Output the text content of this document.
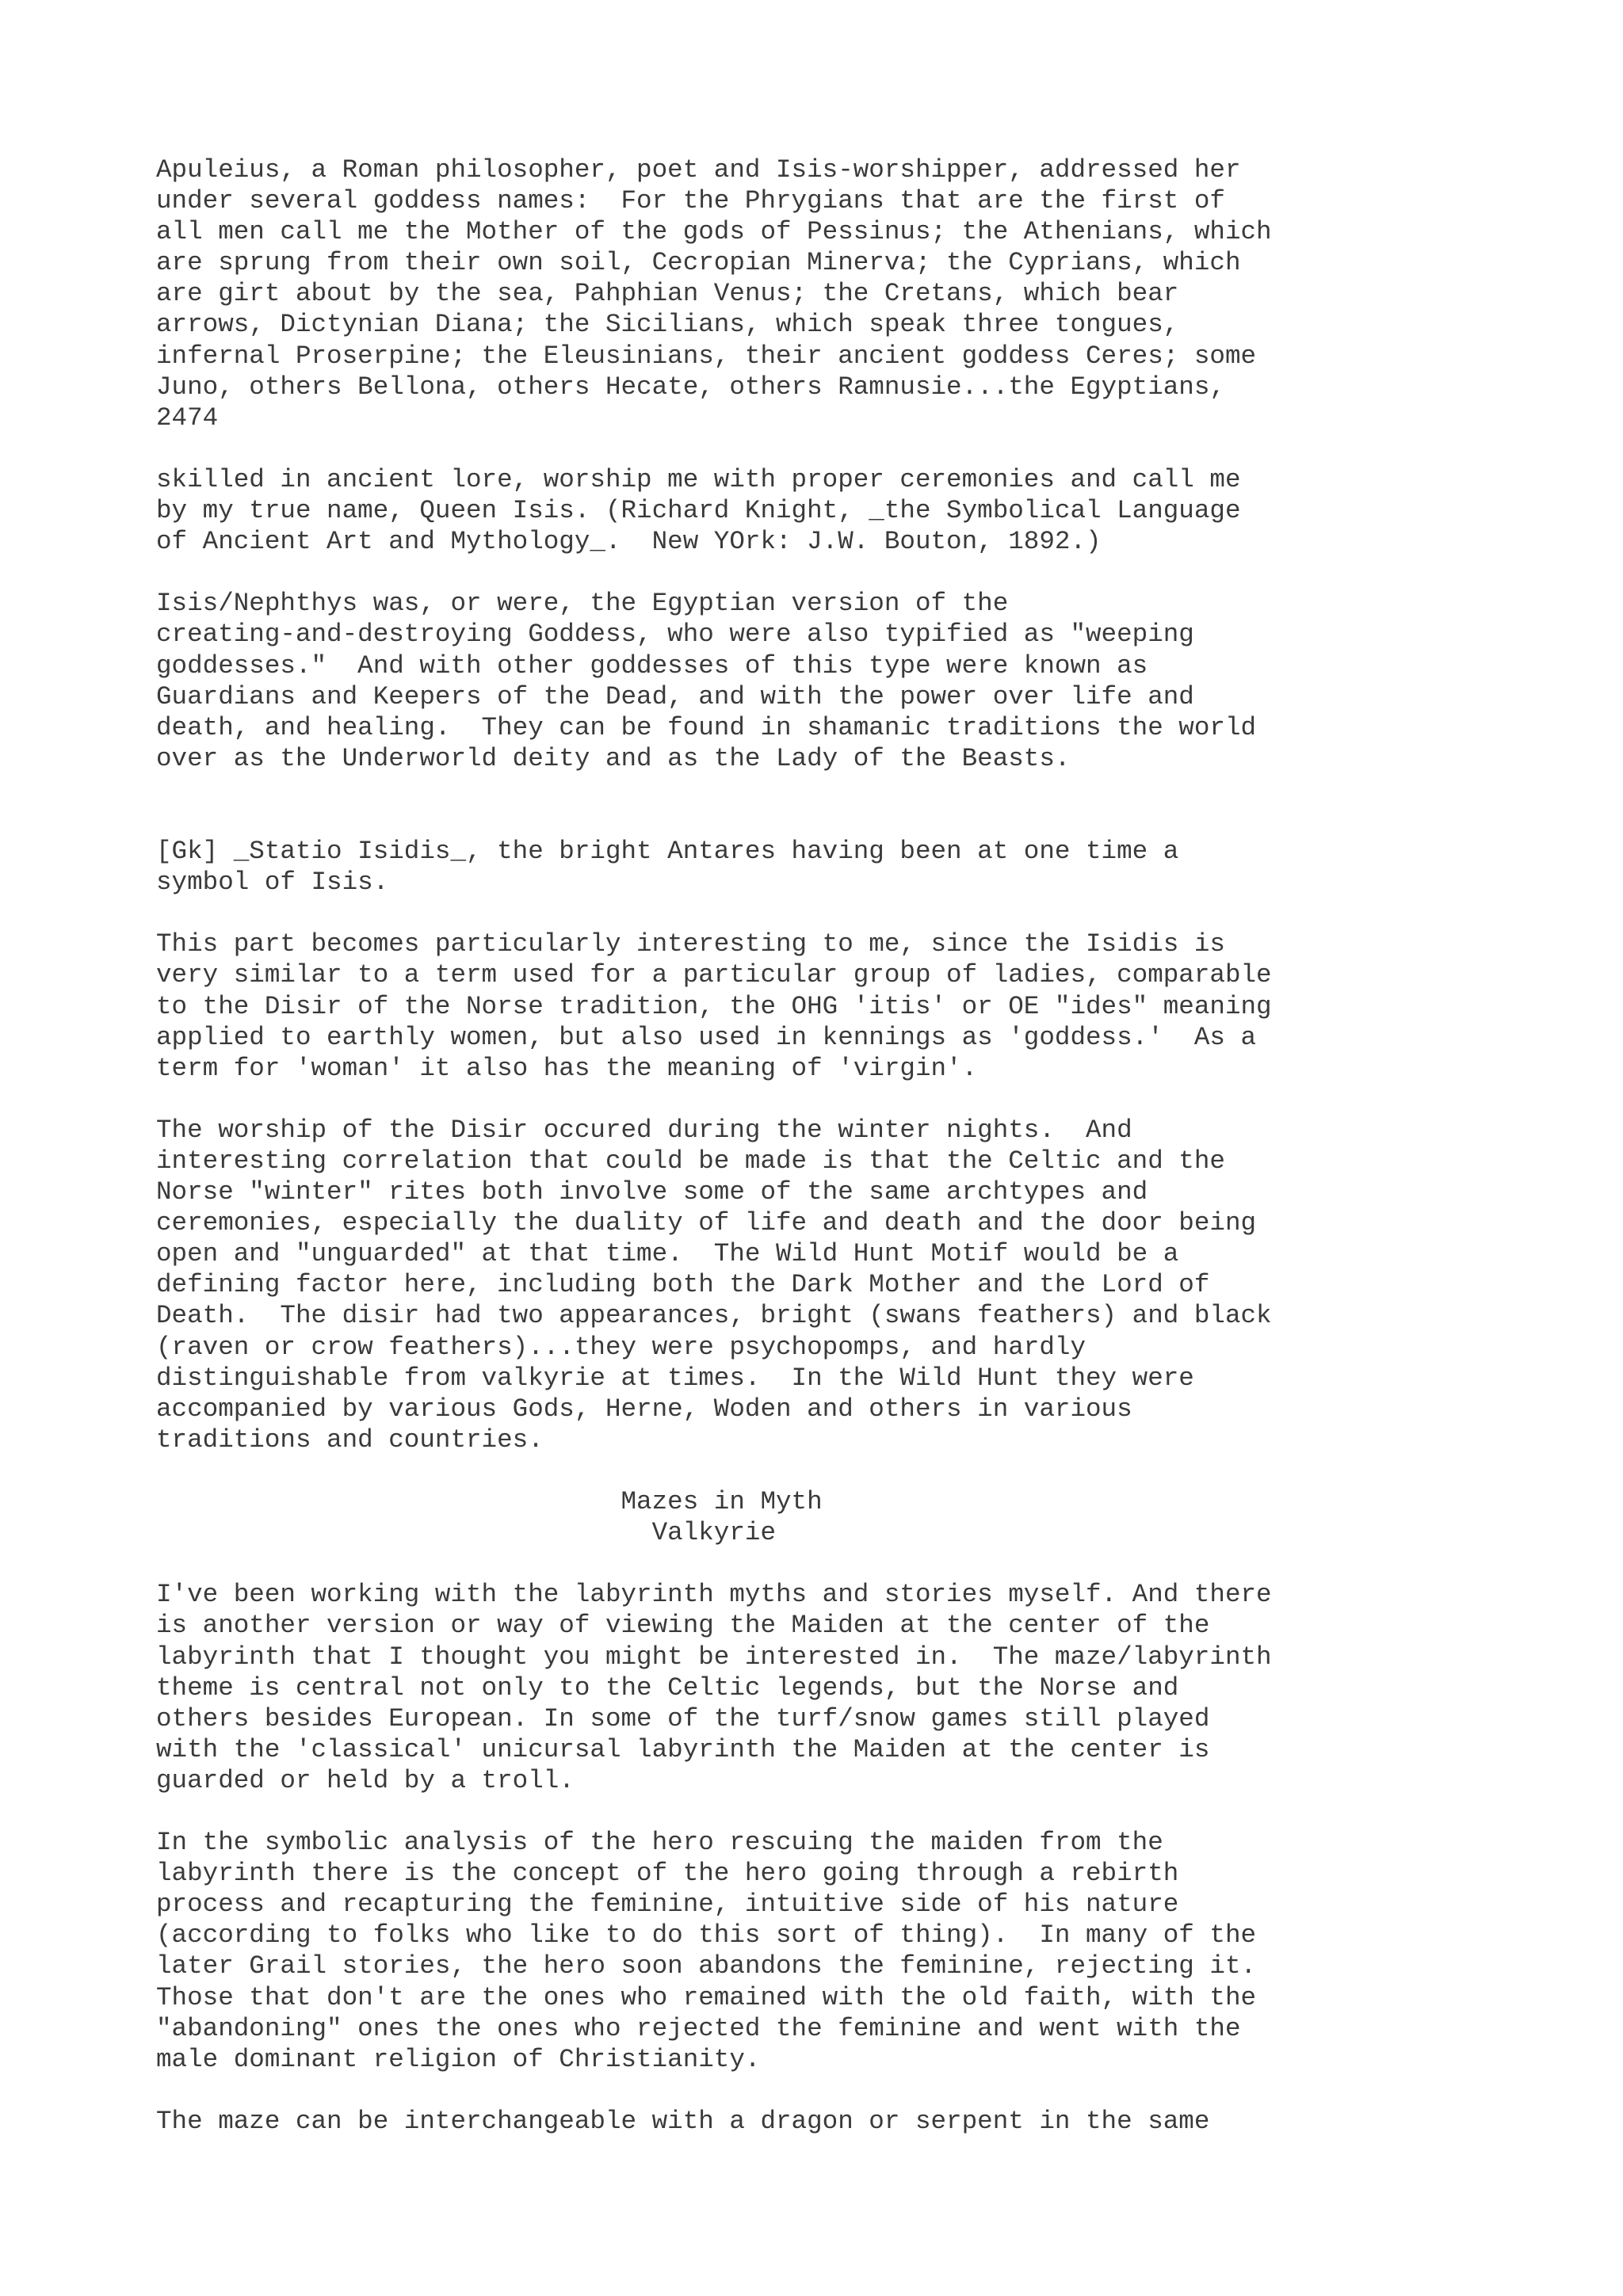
Apuleius, a Roman philosopher, poet and Isis-worshipper, addressed her
under several goddess names:  For the Phrygians that are the first of
all men call me the Mother of the gods of Pessinus; the Athenians, which
are sprung from their own soil, Cecropian Minerva; the Cyprians, which
are girt about by the sea, Pahphian Venus; the Cretans, which bear
arrows, Dictynian Diana; the Sicilians, which speak three tongues,
infernal Proserpine; the Eleusinians, their ancient goddess Ceres; some
Juno, others Bellona, others Hecate, others Ramnusie...the Egyptians,
2474
skilled in ancient lore, worship me with proper ceremonies and call me
by my true name, Queen Isis. (Richard Knight, _the Symbolical Language
of Ancient Art and Mythology_.  New YOrk: J.W. Bouton, 1892.)
Isis/Nephthys was, or were, the Egyptian version of the
creating-and-destroying Goddess, who were also typified as "weeping
goddesses."  And with other goddesses of this type were known as
Guardians and Keepers of the Dead, and with the power over life and
death, and healing.  They can be found in shamanic traditions the world
over as the Underworld deity and as the Lady of the Beasts.
[Gk] _Statio Isidis_, the bright Antares having been at one time a
symbol of Isis.
This part becomes particularly interesting to me, since the Isidis is
very similar to a term used for a particular group of ladies, comparable
to the Disir of the Norse tradition, the OHG 'itis' or OE "ides" meaning
applied to earthly women, but also used in kennings as 'goddess.'  As a
term for 'woman' it also has the meaning of 'virgin'.
The worship of the Disir occured during the winter nights.  And
interesting correlation that could be made is that the Celtic and the
Norse "winter" rites both involve some of the same archtypes and
ceremonies, especially the duality of life and death and the door being
open and "unguarded" at that time.  The Wild Hunt Motif would be a
defining factor here, including both the Dark Mother and the Lord of
Death.  The disir had two appearances, bright (swans feathers) and black
(raven or crow feathers)...they were psychopomps, and hardly
distinguishable from valkyrie at times.  In the Wild Hunt they were
accompanied by various Gods, Herne, Woden and others in various
traditions and countries.
Mazes in Myth
Valkyrie
I've been working with the labyrinth myths and stories myself. And there
is another version or way of viewing the Maiden at the center of the
labyrinth that I thought you might be interested in.  The maze/labyrinth
theme is central not only to the Celtic legends, but the Norse and
others besides European. In some of the turf/snow games still played
with the 'classical' unicursal labyrinth the Maiden at the center is
guarded or held by a troll.
In the symbolic analysis of the hero rescuing the maiden from the
labyrinth there is the concept of the hero going through a rebirth
process and recapturing the feminine, intuitive side of his nature
(according to folks who like to do this sort of thing).  In many of the
later Grail stories, the hero soon abandons the feminine, rejecting it.
Those that don't are the ones who remained with the old faith, with the
"abandoning" ones the ones who rejected the feminine and went with the
male dominant religion of Christianity.
The maze can be interchangeable with a dragon or serpent in the same
